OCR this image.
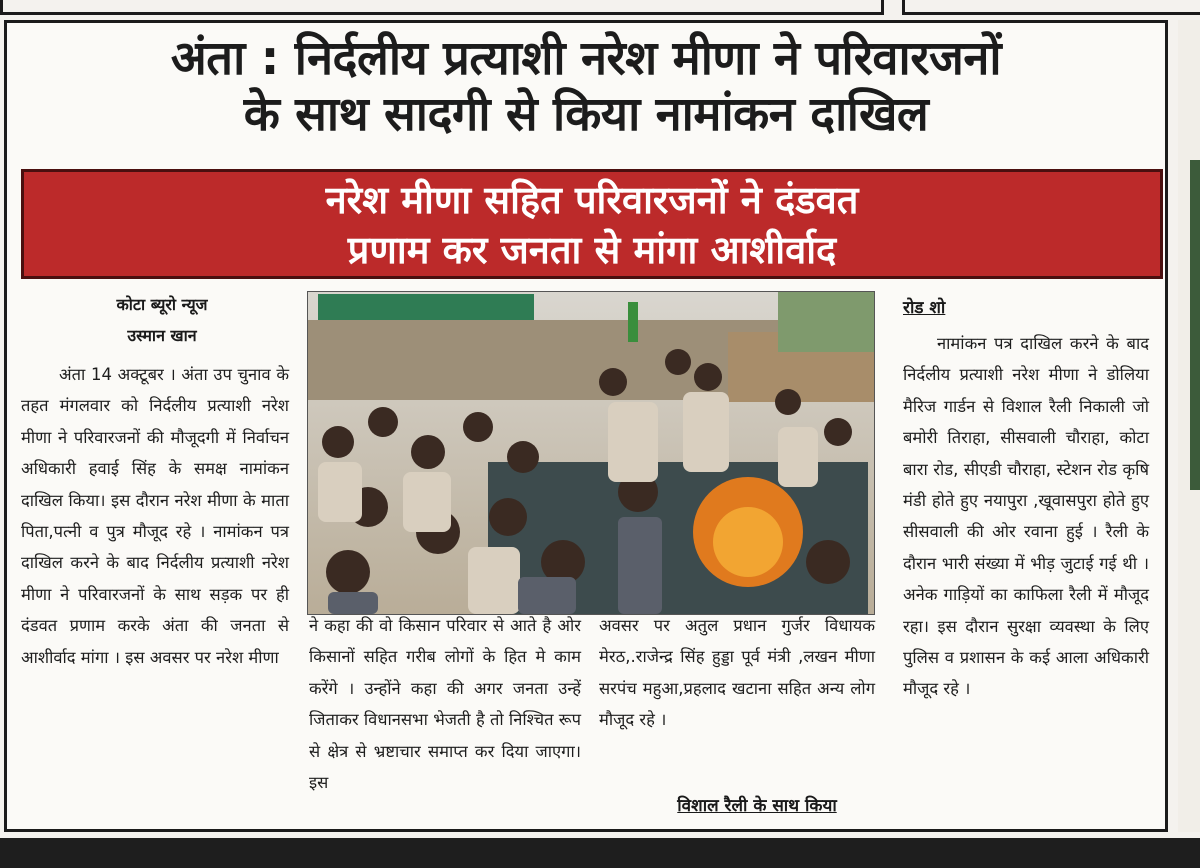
अंता : निर्दलीय प्रत्याशी नरेश मीणा ने परिवारजनों
के साथ सादगी से किया नामांकन दाखिल
नरेश मीणा सहित परिवारजनों ने दंडवत
प्रणाम कर जनता से मांगा आशीर्वाद
कोटा ब्यूरो न्यूज
उस्मान खान

अंता 14 अक्टूबर । अंता उप चुनाव के तहत मंगलवार को निर्दलीय प्रत्याशी नरेश मीणा ने परिवारजनों की मौजूदगी में निर्वाचन अधिकारी हवाई सिंह के समक्ष नामांकन दाखिल किया। इस दौरान नरेश मीणा के माता पिता,पत्नी व पुत्र मौजूद रहे । नामांकन पत्र दाखिल करने के बाद निर्दलीय प्रत्याशी नरेश मीणा ने परिवारजनों के साथ सड़क पर ही दंडवत प्रणाम करके अंता की जनता से आशीर्वाद मांगा । इस अवसर पर नरेश मीणा

ने कहा की वो किसान परिवार से आते है ओर किसानों सहित गरीब लोगों के हित मे काम करेंगे । उन्होंने कहा की अगर जनता उन्हें जिताकर विधानसभा भेजती है तो निश्चित रूप से क्षेत्र से भ्रष्टाचार समाप्त कर दिया जाएगा। इस

अवसर पर अतुल प्रधान गुर्जर विधायक मेरठ,.राजेन्द्र सिंह हुड्डा पूर्व मंत्री ,लखन मीणा सरपंच महुआ,प्रहलाद खटाना सहित अन्य लोग मौजूद रहे ।

विशाल रैली के साथ किया
रोड शो

नामांकन पत्र दाखिल करने के बाद निर्दलीय प्रत्याशी नरेश मीणा ने डोलिया मैरिज गार्डन से विशाल रैली निकाली जो बमोरी तिराहा, सीसवाली चौराहा, कोटा बारा रोड, सीएडी चौराहा, स्टेशन रोड कृषि मंडी होते हुए नयापुरा ,खूवासपुरा होते हुए सीसवाली की ओर रवाना हुई । रैली के दौरान भारी संख्या में भीड़ जुटाई गई थी । अनेक गाड़ियों का काफिला रैली में मौजूद रहा। इस दौरान सुरक्षा व्यवस्था के लिए पुलिस व प्रशासन के कई आला अधिकारी मौजूद रहे ।
